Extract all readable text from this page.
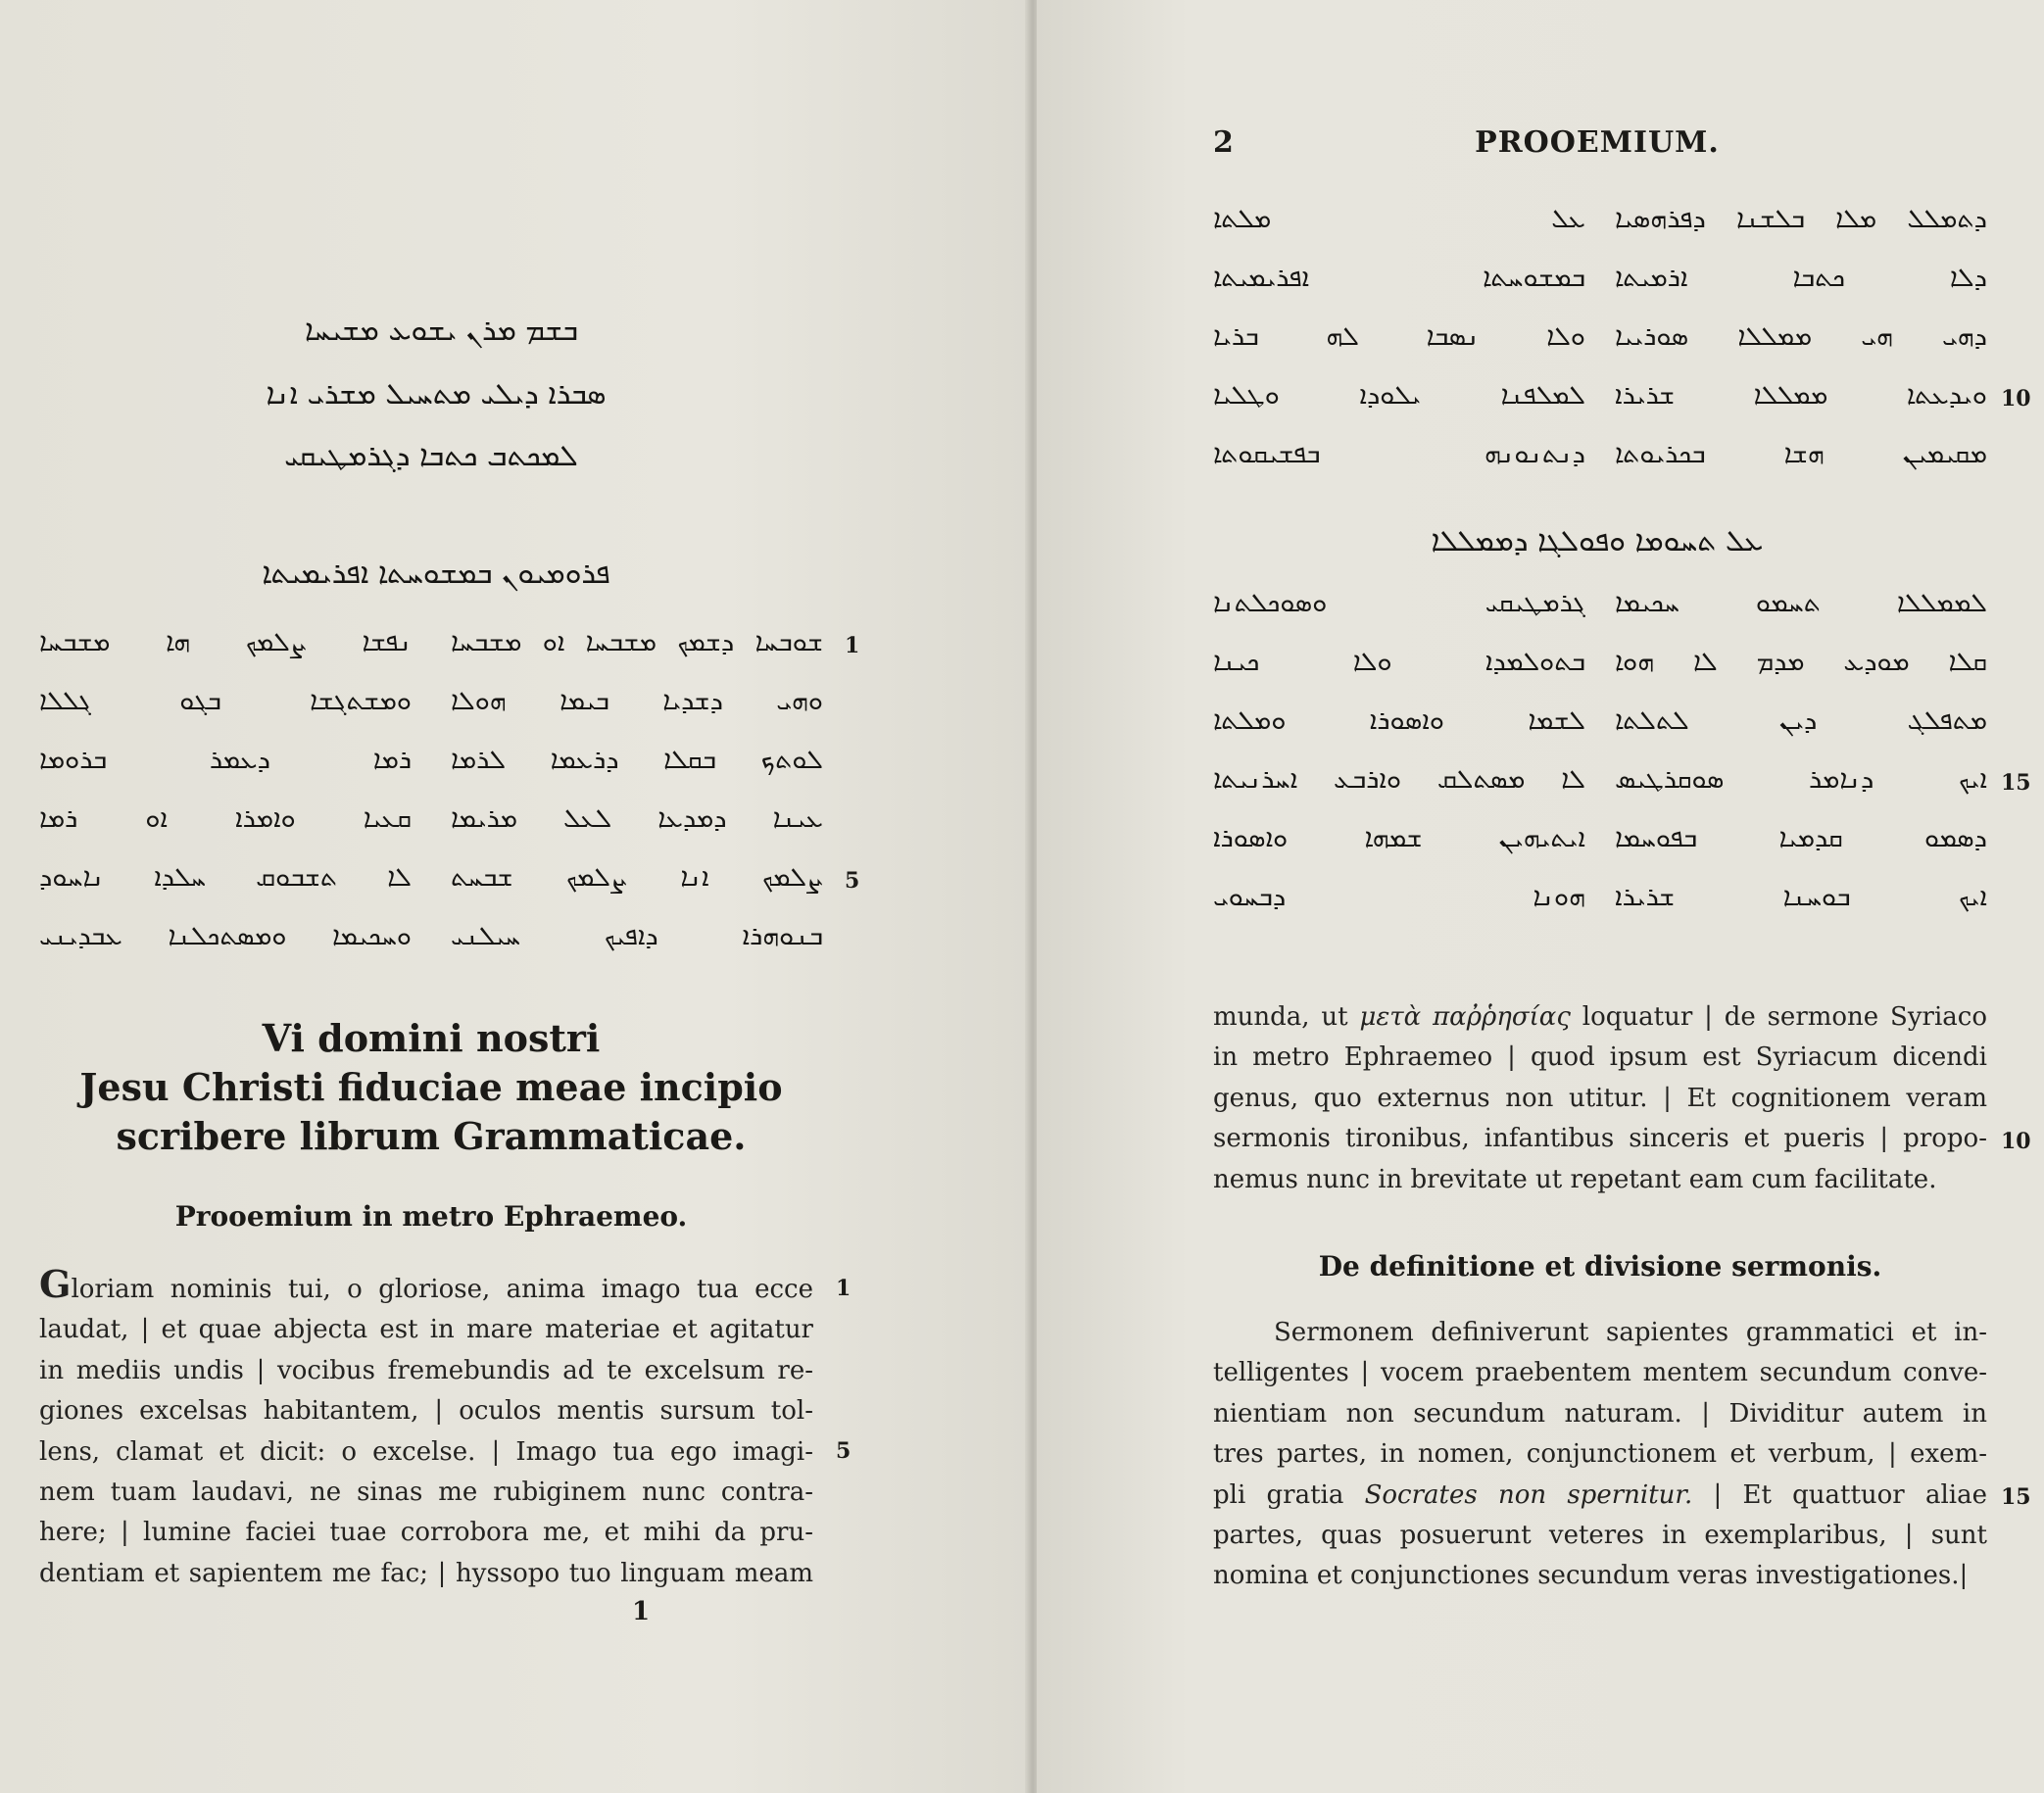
ܒܫܡ ܡܪܢ ܝܫܘܥ ܡܫܝܚܐ
ܣܒܪܐ ܕܝܠܝ ܡܬܚܝܠ ܡܫܪܝ ܐܢܐ
ܠܡܟܬܒ ܟܬܒܐ ܕܓܪܡܛܝܩܝ
ܦܪܘܡܝܘܢ ܒܡܫܘܚܬܐ ܐܦܪܝܡܝܬܐ
ܫܘܒܚܐ ܕܫܡܟ ܡܫܒܚܐ ܐܘ ܡܫܒܚܐ
ܢܦܫܐ ܨܠܡܟ ܗܐ ܡܫܒܚܐ	1
ܘܗܝ ܕܫܕܝܐ ܒܝܡܐ ܗܘܠܐ
ܘܡܫܬܓܫܐ ܒܓܘ ܓܠܠܐ
ܠܘܬܟ ܒܩܠܐ ܕܪܥܡܐ ܠܪܡܐ
ܪܡܐ ܕܥܡܪ ܒܪܘܡܐ
ܥܝܢܐ ܕܡܕܥܐ ܠܥܠ ܡܪܝܡܐ
ܩܥܝܐ ܘܐܡܪܐ ܐܘ ܪܡܐ
ܨܠܡܟ ܐܢܐ ܨܠܡܟ ܫܒܚܬ
ܠܐ ܬܫܒܘܩ ܚܠܕܐ ܢܐܚܘܕ	5
ܒܢܘܗܪܐ ܕܐܦܝܟ ܚܝܠܢܝ
ܘܚܟܝܡܐ ܘܡܣܬܟܠܢܐ ܥܒܕܝܢܝ
Vi domini nostri
Jesu Christi fiduciae meae incipio
scribere librum Grammaticae.
Prooemium in metro Ephraemeo.
Gloriam nominis tui, o gloriose, anima imago tua ecce
laudat, | et quae abjecta est in mare materiae et agitatur
in mediis undis | vocibus fremebundis ad te excelsum re-
giones excelsas habitantem, | oculos mentis sursum tol-
lens, clamat et dicit: o excelse. | Imago tua ego imagi-
nem tuam laudavi, ne sinas me rubiginem nunc contra-
here; | lumine faciei tuae corrobora me, et mihi da pru-
dentiam et sapientem me fac; | hyssopo tuo linguam meam
1
5
1
2	PROOEMIUM.
ܕܬܡܠܠ ܡܠܐ ܒܠܫܢܐ ܕܦܪܗܣܝܐ
ܥܠ ܡܠܬܐ
ܕܠܐ ܟܬܒܐ ܐܪܡܝܬܐ
ܒܡܫܘܚܬܐ ܐܦܪܝܡܝܬܐ
ܕܗܝ ܗܝ ܡܡܠܠܐ ܣܘܪܝܝܐ
ܘܠܐ ܢܣܒܐ ܠܗ ܒܪܝܐ
ܘܝܕܥܬܐ ܡܡܠܠܐ ܫܪܝܪܐ
ܠܡܠܦܢܐ ܝܠܘܕܐ ܘܛܠܝܐ	10
ܡܩܝܡܝܢ ܗܫܐ ܒܟܪܝܘܬܐ
ܕܢܬܢܘܢܗ ܒܦܫܝܩܘܬܐ
ܥܠ ܬܚܘܡܐ ܘܦܘܠܓܐ ܕܡܡܠܠܐ
ܠܡܡܠܠܐ ܬܚܡܘ ܚܟܝܡܐ
ܓܪܡܛܝܩܝ ܘܣܘܟܠܬܢܐ
ܩܠܐ ܡܘܕܥ ܡܕܡ ܠܐ ܗܘܐ
ܒܬܘܠܡܕܐ ܘܠܐ ܟܝܢܐ
ܡܬܦܠܓ ܕܝܢ ܠܬܠܬܐ
ܠܫܡܐ ܘܐܣܘܪܐ ܘܡܠܬܐ
ܐܝܟ ܕܢܐܡܪ ܣܘܩܪܛܝܣ
ܠܐ ܡܣܬܠܩ ܘܐܪܒܥ ܐܚܪܢܝܬܐ	15
ܕܣܡܘ ܩܕܡܝܐ ܒܦܘܚܡܐ
ܐܝܬܝܗܝܢ ܫܡܗܐ ܘܐܣܘܪܐ
ܐܝܟ ܒܘܚܢܐ ܫܪܝܪܐ
ܗܘܢܐ ܕܒܚܘܝ
munda, ut μετὰ παῤῥησίας loquatur | de sermone Syriaco
in metro Ephraemeo | quod ipsum est Syriacum dicendi
genus, quo externus non utitur. | Et cognitionem veram
sermonis tironibus, infantibus sinceris et pueris | propo-
nemus nunc in brevitate ut repetant eam cum facilitate.
10
De definitione et divisione sermonis.
Sermonem definiverunt sapientes grammatici et in-
telligentes | vocem praebentem mentem secundum conve-
nientiam non secundum naturam. | Dividitur autem in
tres partes, in nomen, conjunctionem et verbum, | exem-
pli gratia Socrates non spernitur. | Et quattuor aliae
partes, quas posuerunt veteres in exemplaribus, | sunt
nomina et conjunctiones secundum veras investigationes.|
15
